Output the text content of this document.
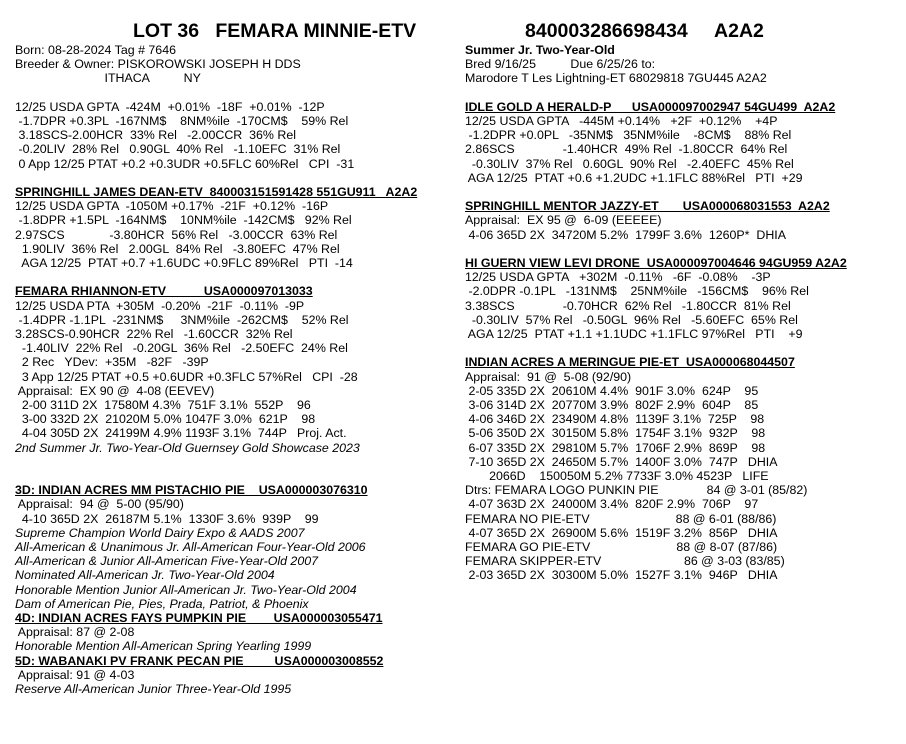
LOT 36   FEMARA MINNIE-ETV	840003286698434     A2A2

Born: 08-28-2024 Tag # 7646

Breeder & Owner: PISKOROWSKI JOSEPH H DDS

ITHACA          NY

12/25 USDA GPTA  -424M  +0.01%  -18F  +0.01%  -12P

-1.7DPR +0.3PL  -167NM$    8NM%ile  -170CM$    59% Rel

3.18SCS-2.00HCR  33% Rel   -2.00CCR  36% Rel

-0.20LIV  28% Rel   0.90GL  40% Rel   -1.10EFC  31% Rel

0 App 12/25 PTAT +0.2 +0.3UDR +0.5FLC 60%Rel   CPI  -31

SPRINGHILL JAMES DEAN-ETV  840003151591428 551GU911   A2A2

12/25 USDA GPTA  -1050M +0.17%  -21F  +0.12%  -16P

-1.8DPR +1.5PL  -164NM$    10NM%ile  -142CM$   92% Rel

2.97SCS             -3.80HCR  56% Rel   -3.00CCR  63% Rel

1.90LIV  36% Rel   2.00GL  84% Rel   -3.80EFC  47% Rel

AGA 12/25  PTAT +0.7 +1.6UDC +0.9FLC 89%Rel   PTI  -14

FEMARA RHIANNON-ETV           USA000097013033

12/25 USDA PTA  +305M  -0.20%  -21F  -0.11%  -9P

-1.4DPR -1.1PL  -231NM$     3NM%ile  -262CM$    52% Rel

3.28SCS-0.90HCR  22% Rel   -1.60CCR  32% Rel

-1.40LIV  22% Rel   -0.20GL  36% Rel   -2.50EFC  24% Rel

2 Rec   YDev:  +35M   -82F   -39P

3 App 12/25 PTAT +0.5 +0.6UDR +0.3FLC 57%Rel   CPI  -28

Appraisal:  EX 90 @  4-08 (EEVEV)

2-00 311D 2X  17580M 4.3%  751F 3.1%  552P    96

3-00 332D 2X  21020M 5.0% 1047F 3.0%  621P    98

4-04 305D 2X  24199M 4.9% 1193F 3.1%  744P   Proj. Act.

2nd Summer Jr. Two-Year-Old Guernsey Gold Showcase 2023

3D: INDIAN ACRES MM PISTACHIO PIE    USA000003076310

Appraisal:  94 @  5-00 (95/90)

4-10 365D 2X  26187M 5.1%  1330F 3.6%  939P    99

Supreme Champion World Dairy Expo & AADS 2007

All-American & Unanimous Jr. All-American Four-Year-Old 2006

All-American & Junior All-American Five-Year-Old 2007

Nominated All-American Jr. Two-Year-Old 2004

Honorable Mention Junior All-American Jr. Two-Year-Old 2004

Dam of American Pie, Pies, Prada, Patriot, & Phoenix

4D: INDIAN ACRES FAYS PUMPKIN PIE        USA000003055471

Appraisal: 87 @ 2-08

Honorable Mention All-American Spring Yearling 1999

5D: WABANAKI PV FRANK PECAN PIE         USA000003008552

Appraisal: 91 @ 4-03

Reserve All-American Junior Three-Year-Old 1995

Summer Jr. Two-Year-Old

Bred 9/16/25          Due 6/25/26 to:

Marodore T Les Lightning-ET 68029818 7GU445 A2A2

IDLE GOLD A HERALD-P      USA000097002947 54GU499  A2A2

12/25 USDA GPTA   -445M +0.14%   +2F  +0.12%    +4P

-1.2DPR +0.0PL   -35NM$   35NM%ile    -8CM$    88% Rel

2.86SCS              -1.40HCR  49% Rel  -1.80CCR  64% Rel

-0.30LIV  37% Rel   0.60GL  90% Rel   -2.40EFC  45% Rel

AGA 12/25  PTAT +0.6 +1.2UDC +1.1FLC 88%Rel   PTI  +29

SPRINGHILL MENTOR JAZZY-ET       USA000068031553  A2A2

Appraisal:  EX 95 @  6-09 (EEEEE)

4-06 365D 2X  34720M 5.2%  1799F 3.6%  1260P*  DHIA

HI GUERN VIEW LEVI DRONE  USA000097004646 94GU959 A2A2

12/25 USDA GPTA   +302M  -0.11%   -6F  -0.08%    -3P

-2.0DPR -0.1PL   -131NM$    25NM%ile   -156CM$    96% Rel

3.38SCS              -0.70HCR  62% Rel   -1.80CCR  81% Rel

-0.30LIV  57% Rel   -0.50GL  96% Rel   -5.60EFC  65% Rel

AGA 12/25  PTAT +1.1 +1.1UDC +1.1FLC 97%Rel   PTI    +9

INDIAN ACRES A MERINGUE PIE-ET  USA000068044507

Appraisal:  91 @  5-08 (92/90)

2-05 335D 2X  20610M 4.4%  901F 3.0%  624P    95

3-06 314D 2X  20770M 3.9%  802F 2.9%  604P    85

4-06 346D 2X  23490M 4.8%  1139F 3.1%  725P    98

5-06 350D 2X  30150M 5.8%  1754F 3.1%  932P    98

6-07 335D 2X  29810M 5.7%  1706F 2.9%  869P    98

7-10 365D 2X  24650M 5.7%  1400F 3.0%  747P   DHIA

2066D    150050M 5.2% 7733F 3.0% 4523P   LIFE

Dtrs: FEMARA LOGO PUNKIN PIE              84 @ 3-01 (85/82)

4-07 363D 2X  24000M 3.4%  820F 2.9%  706P    97

FEMARA NO PIE-ETV                         88 @ 6-01 (88/86)

4-07 365D 2X  26900M 5.6%  1519F 3.2%  856P   DHIA

FEMARA GO PIE-ETV                         88 @ 8-07 (87/86)

FEMARA SKIPPER-ETV                        86 @ 3-03 (83/85)

2-03 365D 2X  30300M 5.0%  1527F 3.1%  946P   DHIA
